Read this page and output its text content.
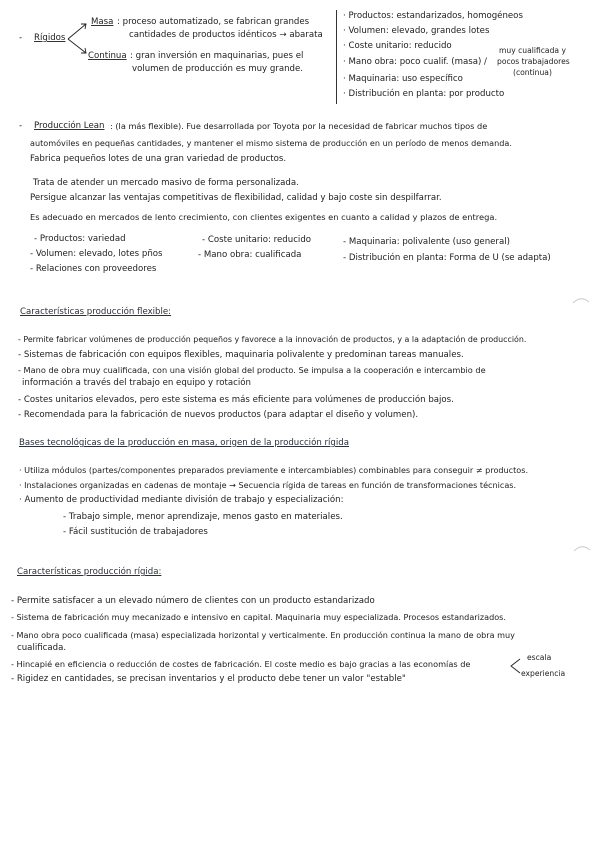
- Rígidos
Masa : proceso automatizado, se fabrican grandes
cantidades de productos idénticos → abarata
Continua : gran inversión en maquinarias, pues el
volumen de producción es muy grande.
· Productos: estandarizados, homogéneos
· Volumen: elevado, grandes lotes
· Coste unitario: reducido
· Mano obra: poco cualif. (masa) /
· Maquinaria: uso específico
· Distribución en planta: por producto
muy cualificada y
pocos trabajadores
(continua)
- Producción Lean : (la más flexible). Fue desarrollada por Toyota por la necesidad de fabricar muchos tipos de
automóviles en pequeñas cantidades, y mantener el mismo sistema de producción en un período de menos demanda.
Fabrica pequeños lotes de una gran variedad de productos.
Trata de atender un mercado masivo de forma personalizada.
Persigue alcanzar las ventajas competitivas de flexibilidad, calidad y bajo coste sin despilfarrar.
Es adecuado en mercados de lento crecimiento, con clientes exigentes en cuanto a calidad y plazos de entrega.
- Productos: variedad
- Volumen: elevado, lotes pños
- Relaciones con proveedores
- Coste unitario: reducido
- Mano obra: cualificada
- Maquinaria: polivalente (uso general)
- Distribución en planta: Forma de U (se adapta)
Características producción flexible:
- Permite fabricar volúmenes de producción pequeños y favorece a la innovación de productos, y a la adaptación de producción.
- Sistemas de fabricación con equipos flexibles, maquinaria polivalente y predominan tareas manuales.
- Mano de obra muy cualificada, con una visión global del producto. Se impulsa a la cooperación e intercambio de
información a través del trabajo en equipo y rotación
- Costes unitarios elevados, pero este sistema es más eficiente para volúmenes de producción bajos.
- Recomendada para la fabricación de nuevos productos (para adaptar el diseño y volumen).
Bases tecnológicas de la producción en masa, origen de la producción rígida
· Utiliza módulos (partes/componentes preparados previamente e intercambiables) combinables para conseguir ≠ productos.
· Instalaciones organizadas en cadenas de montaje → Secuencia rígida de tareas en función de transformaciones técnicas.
· Aumento de productividad mediante división de trabajo y especialización:
- Trabajo simple, menor aprendizaje, menos gasto en materiales.
- Fácil sustitución de trabajadores
Características producción rígida:
- Permite satisfacer a un elevado número de clientes con un producto estandarizado
- Sistema de fabricación muy mecanizado e intensivo en capital. Maquinaria muy especializada. Procesos estandarizados.
- Mano obra poco cualificada (masa) especializada horizontal y verticalmente. En producción continua la mano de obra muy
cualificada.
- Hincapié en eficiencia o reducción de costes de fabricación. El coste medio es bajo gracias a las economías de
- Rigidez en cantidades, se precisan inventarios y el producto debe tener un valor "estable"
escala
experiencia
